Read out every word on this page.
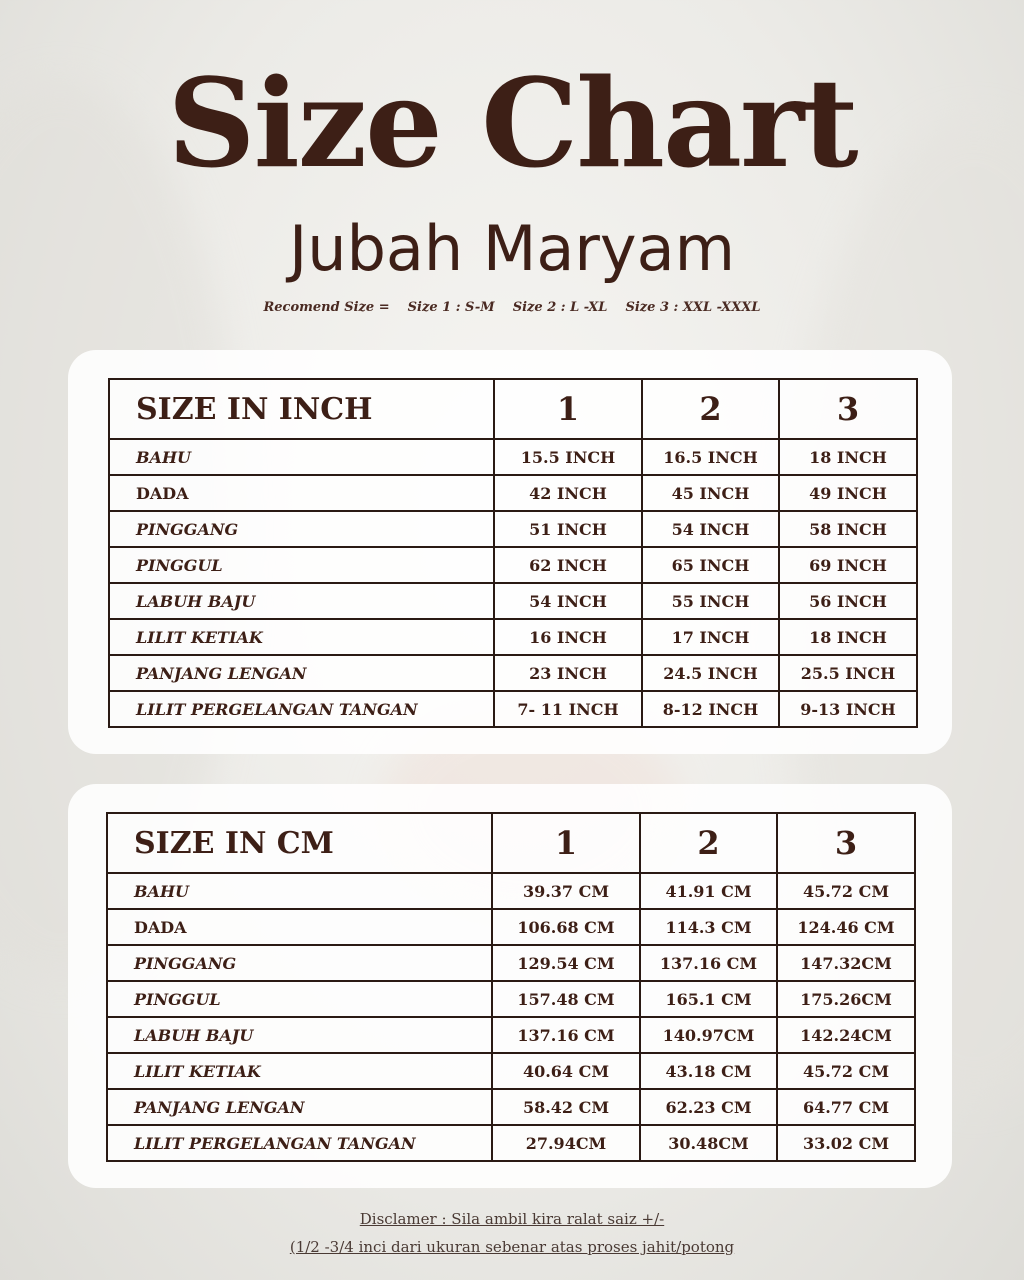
Size Chart
Jubah Maryam
Recomend Size = Size 1 : S-M Size 2 : L -XL Size 3 : XXL -XXXL
SIZE IN INCH	1	2	3
BAHU	15.5 INCH	16.5 INCH	18 INCH
DADA	42 INCH	45 INCH	49 INCH
PINGGANG	51 INCH	54 INCH	58 INCH
PINGGUL	62 INCH	65 INCH	69 INCH
LABUH BAJU	54 INCH	55 INCH	56 INCH
LILIT KETIAK	16 INCH	17 INCH	18 INCH
PANJANG LENGAN	23 INCH	24.5 INCH	25.5 INCH
LILIT PERGELANGAN TANGAN	7- 11 INCH	8-12 INCH	9-13 INCH
SIZE IN CM	1	2	3
BAHU	39.37 CM	41.91 CM	45.72 CM
DADA	106.68 CM	114.3 CM	124.46 CM
PINGGANG	129.54 CM	137.16 CM	147.32CM
PINGGUL	157.48 CM	165.1 CM	175.26CM
LABUH BAJU	137.16 CM	140.97CM	142.24CM
LILIT KETIAK	40.64 CM	43.18 CM	45.72 CM
PANJANG LENGAN	58.42 CM	62.23 CM	64.77 CM
LILIT PERGELANGAN TANGAN	27.94CM	30.48CM	33.02 CM
Disclamer : Sila ambil kira ralat saiz +/-
(1/2 -3/4 inci dari ukuran sebenar atas proses jahit/potong
